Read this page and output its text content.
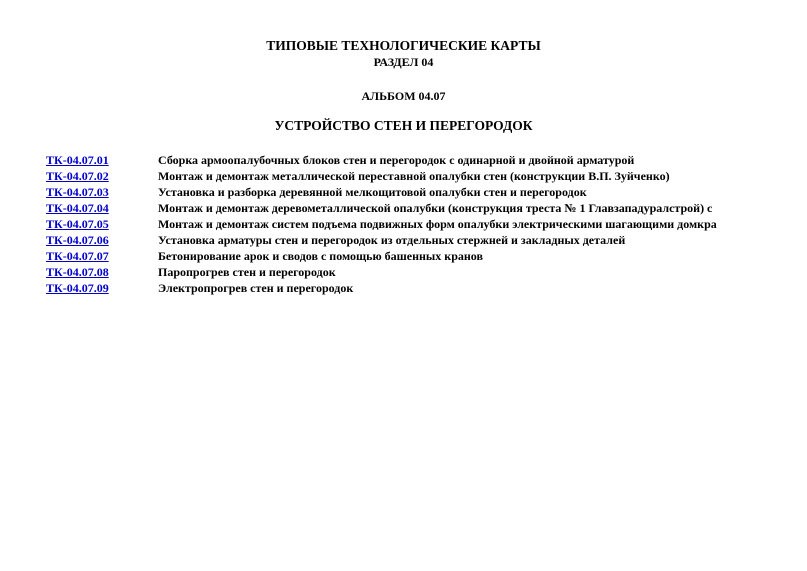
ТИПОВЫЕ ТЕХНОЛОГИЧЕСКИЕ КАРТЫ

РАЗДЕЛ 04

АЛЬБОМ 04.07
УСТРОЙСТВО СТЕН И ПЕРЕГОРОДОК
ТК-04.07.01	Сборка армоопалубочных блоков стен и перегородок с одинарной и двойной арматурой
ТК-04.07.02	Монтаж и демонтаж металлической переставной опалубки стен (конструкции В.П. Зуйченко)
ТК-04.07.03	Установка и разборка деревянной мелкощитовой опалубки стен и перегородок
ТК-04.07.04	Монтаж и демонтаж деревометаллической опалубки (конструкция треста № 1 Главзападуралстрой) с
ТК-04.07.05	Монтаж и демонтаж систем подъема подвижных форм опалубки электрическими шагающими домкра
ТК-04.07.06	Установка арматуры стен и перегородок из отдельных стержней и закладных деталей
ТК-04.07.07	Бетонирование арок и сводов с помощью башенных кранов
ТК-04.07.08	Паропрогрев стен и перегородок
ТК-04.07.09	Электропрогрев стен и перегородок
